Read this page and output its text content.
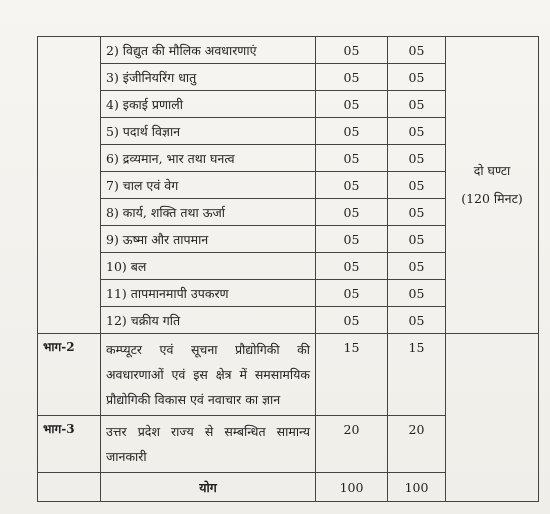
	2) विद्युत की मौलिक अवधारणाएं	05	05	दो घण्टा
(120 मिनट)

	3) इंजीनियरिंग धातु	05	05	
	4) इकाई प्रणाली	05	05	
	5) पदार्थ विज्ञान	05	05	
	6) द्रव्यमान, भार तथा घनत्व	05	05	
	7) चाल एवं वेग	05	05	
	8) कार्य, शक्ति तथा ऊर्जा	05	05	
	9) ऊष्मा और तापमान	05	05	
	10) बल	05	05	
	11) तापमानमापी उपकरण	05	05	
	12) चक्रीय गति	05	05	
भाग-2	कम्प्यूटर एवं सूचना प्रौद्योगिकी की अवधारणाओं एवं इस क्षेत्र में समसामयिक प्रौद्योगिकी विकास एवं नवाचार का ज्ञान	15	15	
भाग-3	उत्तर प्रदेश राज्य से सम्बन्धित सामान्य जानकारी	20	20	
	योग	100	100	
